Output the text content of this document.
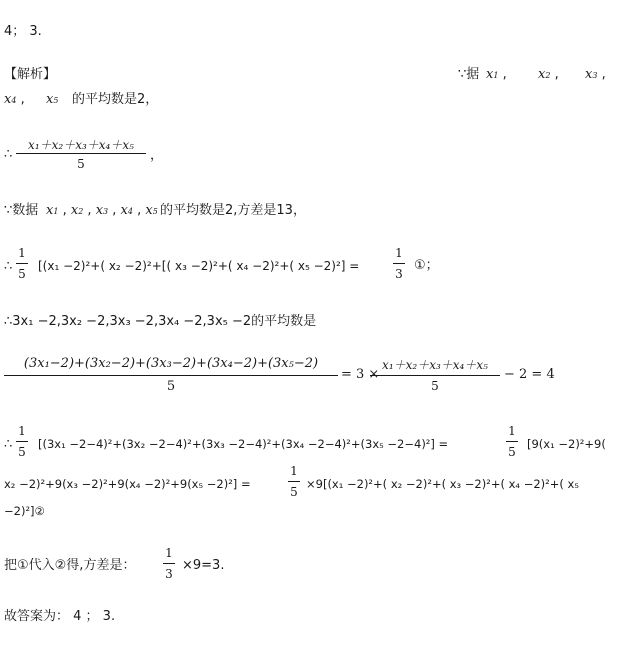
4； 3.
【解析】	∵据 x1 , x2 , x3 ,
x4 , x5 的平均数是2，
∴
x₁＋x₂＋x₃＋x₄＋x₅
5
，
∵数据 x1 , x2 , x3 , x4 , x5 的平均数是2,方差是13，
∴
1
5
[(x₁ −2)²+( x₂ −2)²+[( x₃ −2)²+( x₄ −2)²+( x₅ −2)²] =
1
3
①；
∴3x₁ −2,3x₂ −2,3x₃ −2,3x₄ −2,3x₅ −2的平均数是
(3x₁−2)+(3x₂−2)+(3x₃−2)+(3x₄−2)+(3x₅−2)
5
= 3 ×
x₁＋x₂＋x₃＋x₄＋x₅
5
− 2 = 4
∴
1
5
[(3x₁ −2−4)²+(3x₂ −2−4)²+(3x₃ −2−4)²+(3x₄ −2−4)²+(3x₅ −2−4)²] =
1
5
[9(x₁ −2)²+9(
x₂ −2)²+9(x₃ −2)²+9(x₄ −2)²+9(x₅ −2)²] =
1
5
×9[(x₁ −2)²+( x₂ −2)²+( x₃ −2)²+( x₄ −2)²+( x₅
−2)²]②
把①代入②得,方差是：
1
3
×9=3.
故答案为： 4 ； 3.
